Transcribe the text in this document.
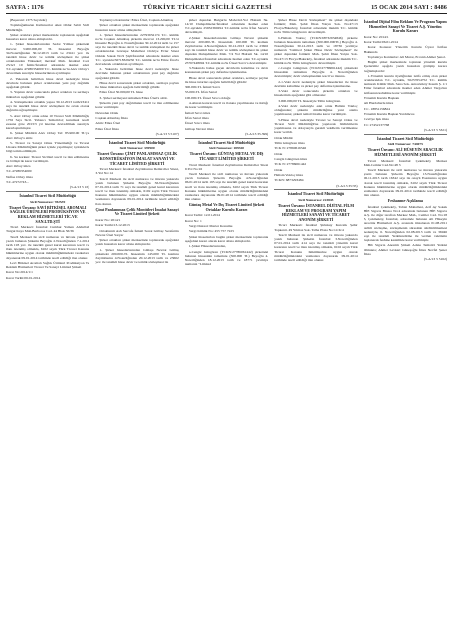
SAYFA : 1176	TÜRKİYE TİCARET SİCİLİ GAZETESİ	15 OCAK 2014 SAYI : 8486

(Başaranl: 1375 Sayılıdır)

Topluluğumuzun Kullanıcılar Aksi Oldur Sabit Sicil Müdürlüğü.

Şirket ortakları şirket merkezinde toplanarak aşağıdaki hususları karar altına almışlardır.

1- Şirket hissedarlarından Sedat Yılmaz şirketteki mevcut 3.900.000,00 TL hissesini Beyoğlu 34.Noterliğinden 30.12.2013 tarih ve 23411 yev. ile tanzikli hisse devir ve temlik sözleşmesi ile şirket ortaklarından Yüksekel; mevkuf Mah. İstanbul Cad. 23/A3 10 İzmir/İstanbul adresinde ikamet eden T.C.uyruklu 47286354000 T.C. Kimlik no'lu Alev Orbay'a devretmek suretiyle hissedarlıktan ayrılmıştır.

2- Yukarıda belirtilen hisse devri nedeniyle hisse devrinde bulunan şirket ortaklarının yeni pay dağılımı aşağıdaki gibidir.

3- Yapılan devir sonucunda şirket ortakları ve sermaye miktarları aşağıdaki gibidir.

4- Sözleşmeden ortaklık yapısı 30.12.2013 tarih/23411 sayı ile tanzikli hisse devir sözleşmesi ile ortak olarak dağıtıma uğraşılmıştır.

5- Alev Orbay ortak adına 10 Ticaret Sicil Müdürlüğü, 1756 Sayı Sicil. Yabancı Temsilcisi; kurumsal tescil esasına göre 2013/3 yıl üzerine devredilmek suretiyle kararlaştırılmıştır.

6- Şirket Müdürü Alev Orbay Tel: 85.900.00 TL'ye Alev Orbay'a aittir.

5- Ticaret ve Sanayi Odası Yönetmeliği ve Ticaret Unsuru Müdürlüğünü şirket içinde yapılmıştır; iştiraklerle bilgi temin edilmiştir.

6- Su korkun: Ticaret Sicilleri tescil ve ilan edilmesine ve bölüşü ile karar verilmiştir.

Alev Orbay imza

T.C.47286354000

Nefise Orbay imza

T.C.47272743...

(5-A/13 5 16)

İstanbul Ticaret Sicil Müdürlüğü

Sicil Numarası: 782539

Ticaret Ünvanı: SAVİ BİTKİSEL AROMALI SAĞLIK ÜRÜNLERİ PRODÜKSİYON VE REKLAM HİZMETLERİ TİC.VE SAN.LTD.ŞTİ

Ticari Merkezi: İstanbul Cumhur Yaman Abdullah Turgut Kaya Mah.Barboros Cad. 44 Blok 56/36

Tescil Merkezi ile sicil numarası ve ünvanı yukarıda yazılı bulunan Şirketin Beyoğlu 2.Noterliğinden 7.1.2014 tarih 193 yev. ile tanzikli genel kurul kararının tescil ve ilanı istenmiş olmakla, 6102 sayılı Türk Ticaret Kanunu hükümlerine uygun olarak müdürlüğümüzdeki vesikalara dayanarak 09.01.2014 tarihinde tescil edildiği ilan olunur.

Levi Bitkisel Aromalı Sağlık Ürünleri Prodüksiyon Ve Reklam Hizmetleri Ticaret Ve Sanayi Limited Şirketi

Karar No:2014/1/1

Karar Tarihi:06.01.2014

Toplantıya Katılanlar: Emre Ünal, Coşkun Altunbaş

Şirket ortakları şirket merkezinde toplanarak aşağıdaki hususları karar altına almışlardır.

1- Şirket hissedarlarından 22793932174 T.C. kimlik no'lu Coşkun Altunbaş şirketin mevcut 13.290,00 TL'si hisseniz Beyoğlu 4. Noterliğinden 30.12.2014 tarih ve 157 sayı ile tanzikli hisse devri ve temlik sözleşmesi ile şirket ortaklarından Göztepe Mahallesi Ordu'ye Evler Sitesi Orkide Sokak No:9 Şişli/İstanbul adresinde ikamet eden T.C. uyruklu:56718329250 T.C. kimlik no'lu Emre Ünal'a devrederek ortaklıktan ayrılmıştır.

2- Yukarıda belirtilen hisse devri nedeniyle hisse devrinde bulunan şirket ortaklarının yeni pay dağılımı aşağıdaki gibidir.

Hisse devri sonucunda şirket ortakları, sermaye paylan ile hisse miktarları aşağıda belirtildiği gibidir.

Emre Ünal 50.000,00 TL hisse

3- Şirket sermayesi tamamen Emre Ünal'a aittir.

Şirketin yeni pay dağılımının tescil ve ilan edilmesine karar verilmiştir.

Devreden Ortak

Coşkun Altunbaş İmza

Alım: Emre Ünal

Emre Ünal İmza

(5-A/13 5 5107)

İstanbul Ticaret Sicil Müdürlüğü

Sicil Numarası: 339900

Ticaret Ünvanı: ÇİMT PANLAMMAZ ÇELİK KONSTRÜKSİYON İMALAT SANAYİ VE TİCARET LİMİTED ŞİRKETİ

Ticari Merkezi: İstanbul Zeytinburnu Demirciler Sitesi, 3.Yol No:14

Tescil Merkezi ile sicil numarası ve ünvanı yukarıda yazılı bulunan Şirketin Beyoğlu 36.Noterliğinden 07.01.2014 tarih 71 sayı ile tanzikli genel kurul kararının tescil ve ilanı istenmiş olmakla, 6102 sayılı Türk Ticaret Kanunu hükümlerine uygun olarak müdürlüğümüzdeki vesikalara dayanarak 09.01.2014 tarihinde tescil edildiği ilan olunur.

Çimt Panlammaz Çelik Montüleri İmalat Sanayi Ve Ticaret Limited Şirketi

Karar No: 2014/1

Karar Tarihi:13.12.2013

Ortaklarım Ash Sercafe İsmail Sonat Gültaş: Serafettin Nevzat Ünal Saryar

Şirket ortakları şirket merkezinde toplanarak aşağıdaki yazılı hususları karar altına almışlardır.

1- Şirket hissedarlarından Gültaşı Nevzat Gültaş şirketteki 200.000-TL hissesinin 145.000 TL kısmını Zeytinburnu 4.Noterliğinden 20.12.2013 tarih ve 23602 yev. ile tanzikli hisse devir ve temlik sözleşmesi ile

şirket dışından Bulgurlu Mah.Ord.Yol Halrem Sk. 14/10 Dulupdüzeler/İstanbul adresinde ikamet eden T.C.uyruklu 25932360294 T.C.kimlik no'lu İrfan Sarıal'a devretmiştir.

2-Şirket hissedarlarından Gültaşı Nevzat şirketin mevcut 200.000-TL hissesinin 100.000 TL kısmını Zeytinburnu 4.Noterliğinden 30.12.2013 tarih ve 23602 sayı ile tanzikli hisse devir ve temlik sözleşmesi ile şirket dışından Dulupdüzeler Mah. 7/4 Yol Halrem Sk. 14/10 Dulupdüzeler/İstanbul adresinde ikamet eden T.C.uyruklu 25767448094 T.C.kimlik no'lu Ünsel Savcı'a devretmiştir.

3-Yukarıda bahse geçen devirlerin kabulüne ve devir konusunun şirket pay defterine işlenmesine.

Hisse devri sonucunda şirket ortakları, sermaye paylan ile hisse tutarları aşağıda belirtildiği gibidir:

300.000-TL İsmail Savcı

55.000-TL İrfan Sarıal

100.000-TL Ünsel Savcı olduğu

4-Alınan kararın tescil ve ilanına yapılmasına ve üstlığı ile karar verilmiştir.

İsmail Savcı imza

İrfan Sarıal imza

Ünsel Savcı imza

Gültaşı Nevzat imza

(5-A/13 35.399)

İstanbul Ticaret Sicil Müdürlüğü

Sicil Numarası: 189320

Ticaret Ünvanı: GÜNTAŞ METAL VE DIŞ TİCARET LİMİTED ŞİRKETİ

Ticari Merkezi: İstanbul Zeytinburnu Demirciler Sitesi 9.Yol No:16

Tescil Merkezi ile sicil numarası ve ünvanı yukarıda yazılı bulunan Şirketin Beyoğlu 4.Noterliğinden 06.01.2014 tarih 195 sayı ile tanzikli genel kurul kararının tescil ve ilanı istenmiş olmakla, 6102 sayılı Türk Ticaret Kanunu hükümlerine uygun olarak müdürlüğümüzdeki vesikalara dayanarak 09.01.2014 tarihinde tescil edildiği ilan olunur.

Güntaş Metal Ve Dış Ticaret Limited Şirketi Ortaklar Kurulu Kararı

Karar Tarihi: 12.01.2014

Karar No: 1

Vergi Dairesi: Merter Konumu

Vergi Kimlik No: 455 757 7225

Şirket hissedarları bugün şirket merkezinde toplanarak aşağıdaki kararı alarak karar altına almışlardır.

1-Şirket Hissedarlarından,

a-Cengiz Güngören (TCKN:27786061442) şirketteki bulunan hissesinin tamamını (300.000 TL) Beyoğlu 4. Noterliğinden 18.12.2013 tarih ve 18771 yevmiye numaralı "Limited

Şirket Hisse Devir Sözleşmesi" ile şirket dışındaki İstinkâr; Mah. Şehit İlhan Yalçın Sok. No:47/13 Florya/Bakırköy, İstanbul adresinde mukim T.C. kimlik no'lu Tülin Güngören'e devretmiştir.

b-Halisin Vokloç (TCKN:68732934846) şirkette bulunan hissesinin tamamını (300.000.000TL) Beyoğlu 4. Noterliğinden 30.12.2013 tarih ve 18736 yevmiye numaralı "Limited Şirket Hisse Devir Sözleşmesi" ile şirket dışındaki İstinkâr Mah. Şehit İlhan Yalçın Sok. No:47/13 Florya/Bakırköy, İstanbul adresinde mukim T.C. kimlik no'lu Tülin Güngören'e devretmiştir.

c-Cengiz Güngören (TCKN:27786061442) şirketteki hissesinin tamamını Beyoğlu 4. Noterliğinden devretmiştir; devir sözleşmesinin tescil ve ilanına.

2-1-Vaki devir nedeniyle şirket hissedarları ile hisse devrinin kabulüne ve şirket pay defterine işlenmesine.

3-Vaki devir sonucunda şirketin ortakları ve hisselerinin aşağıdaki gibi olmasına:

3.000.000,00 TL hissesiyle Tülin Güngören.

4-Vaki devir nedeniyle eski ortak Halisin Vokloç olduğundan; şirketin müdürlüğüne yeni atama yapılmasına; şirketi temsil ilzama karar verilmiştir.

5-Hisse devri nedeniyle Ticaret ve Sanayi Odası ve Ticaret Sicil Müdürlüğü'ne yapılacak bildirimlerin yapılmasına ve dolayısıyla gerekli vekâletin verilmesine karar verildi.

Ortak Müdür

Tülin Güngören imza

TCK N: 27860616546

Ortak

Cengiz Güngören imza

TCK N: 27786061442

Ortak

Halisin Vokloç imza

TCKN: 6873293484

(5-A/13 35/35)

İstanbul Ticaret Sicil Müdürlüğü

Sicil Numarası: 223845

Ticaret Ünvanı: İSTANBUL DİJİTAL FİLM REKLAM VE PROGRAM YAPIM HİZMETLERİ SANAYİ VE TİCARET ANONİM ŞİRKETİ

Ticari Merkezi: İstanbul Şirinkuy Kurcaik Şehir Topkenti. 49 Yılmaz Sok. Talha Plaza No:14 K:4

Tescil Merkezi ile sicil numarası ve ünvanı yukarıda yazılı bulunan Şirketin İstanbul 3.Noterliğinden 07.01.2014 tarih 414 sayı ile tanzikli yönetim kurul kararının tescil ve ilanı istenmiş olmakla, 6102 sayılı Türk Ticaret Kanunu hükümlerine uygun olarak müdürlüğümüzdeki vesikalara dayanarak 09.01.2014 tarihinde tescil edildiği ilan olunur.

İstanbul Dijital Film Reklam Ve Program Yapım Hizmetleri Sanayi Ve Ticaret A.Ş. Yönetim Kurulu Kararı

Karar No: 2014/1

Karar Tarihi:06.01.2014

Karar Konusu: Yönetim Kurulu Üyesi İstifası Hakkında

Toplantıya Katılanlar: Ali Murat, Ercanlı Ahmet Şenol.

Bugün şirket merkezinde toplanan yönetim kurulu üyelerimiz aşağıda yazılı hususları görüşüp karara bağlamışlardır:

1-Yönetim kurulu üyeliğinden istifa etmiş olan şirket ortaklarından T.C. uyruklu, 56257654752 T.C. kimlik numaralı Kültür Mah. Sana Sok. Arnavutköy Kasım Ş. 1/1 Etiler İstanbul adresinde ikamet eden Ahmet Varga'nın istifasının kabulüne karar verilmiştir.

Yönetim Kurulu Başkanı

Ali Hurdaburlu imza

T.C. 18851156824

Yönetim Kurulu Başkan Yardımcısı

Cevriye Işık imza

T.C 27452137768

(5-A/13 5 5321)

İstanbul Ticaret Sicil Müdürlüğü

Sicil Numarası: 744075

Ticaret Ünvanı: ALİ HÜSEYİN ARACILIK HİZMETLERİ ANONİM ŞİRKETİ

Ticari Merkezi: İstanbul Çekmeköy Merkez Mah.Cemler Cad.No:48 3

Tescil Merkezi ile sicil numarası ve ünvanı yukarıda yazılı bulunan Şirketin Beyoğlu 13.Noterliğinden 06.11.2013 tarih 16342 sayı ile onaylı Esaslarına uygun olarak tescil istenmiş olmakla, 6102 sayılı Türk Ticaret Kanunu hükümlerine uygun olarak müdürlüğümüzdeki vesikalara dayanarak 09.01.2014 tarihinde tescil edildiği ilan olunur.

Feshanme-Açıklama

İstanbul Çekmeköy, Tabiat Mahallesi, Arif Ay Sokak HİE Sigorta Binası No:4 adresinde bulunan HİE Sigorta A.Ş. ile diğer taraftan Merkez Mah., Cemler Cad. No:18 3, Çekmeköy, İstanbul, adresinde bulunan Ali Hüseyin Aracılık Hizmetleri A.Ş. arasında imzalanan 01.08.2011 tarihli sözleşme, sözleşmenin süresinin sürdürülmemesi nedeniyle, 6. Noterliğinden 02.08.2013 tarih ve 36946 sayı ile tanzikli Yetkilendirme ile verilen vekâletin başlanarak feshine kesinlikle karar verilmiştir.

Hib Sigorta Anonim Şirketi Adına Temsilci Yetkisi Olmakta; Ahmet Levkart Güneşoğlu İmza Nevfel Şener İmza

(5-A/13 5 5162)
